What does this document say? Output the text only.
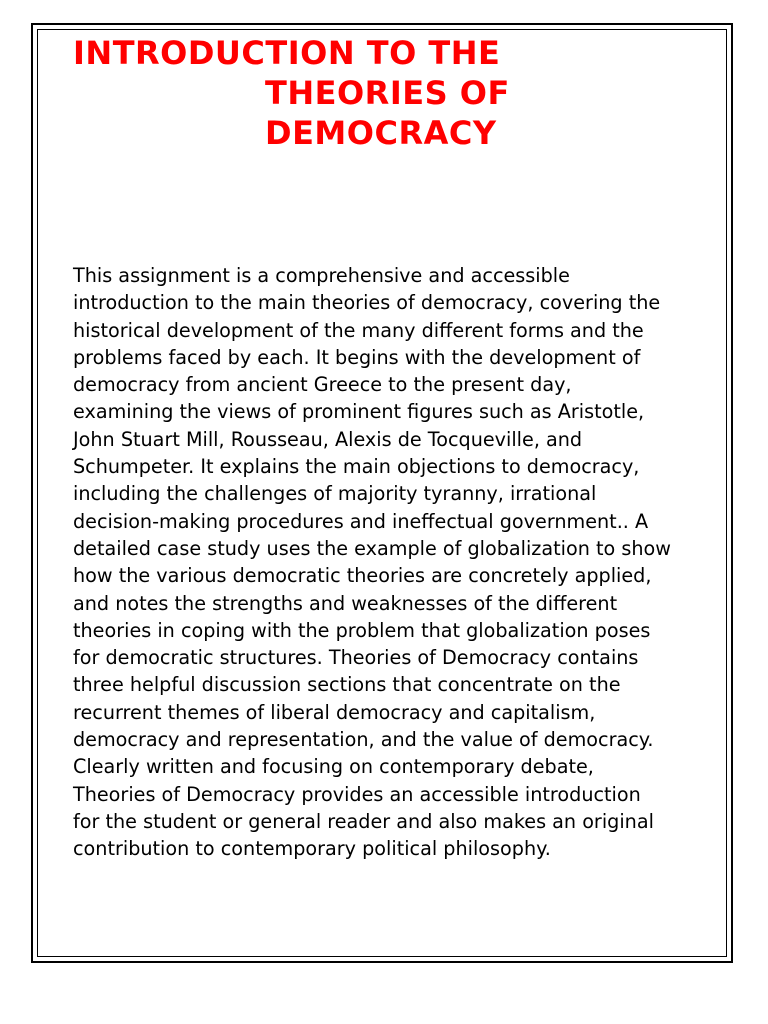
INTRODUCTION TO THE
THEORIES OF
DEMOCRACY
This assignment is a comprehensive and accessible
introduction to the main theories of democracy, covering the
historical development of the many different forms and the
problems faced by each. It begins with the development of
democracy from ancient Greece to the present day,
examining the views of prominent figures such as Aristotle,
John Stuart Mill, Rousseau, Alexis de Tocqueville, and
Schumpeter. It explains the main objections to democracy,
including the challenges of majority tyranny, irrational
decision-making procedures and ineffectual government.. A
detailed case study uses the example of globalization to show
how the various democratic theories are concretely applied,
and notes the strengths and weaknesses of the different
theories in coping with the problem that globalization poses
for democratic structures. Theories of Democracy contains
three helpful discussion sections that concentrate on the
recurrent themes of liberal democracy and capitalism,
democracy and representation, and the value of democracy.
Clearly written and focusing on contemporary debate,
Theories of Democracy provides an accessible introduction
for the student or general reader and also makes an original
contribution to contemporary political philosophy.
